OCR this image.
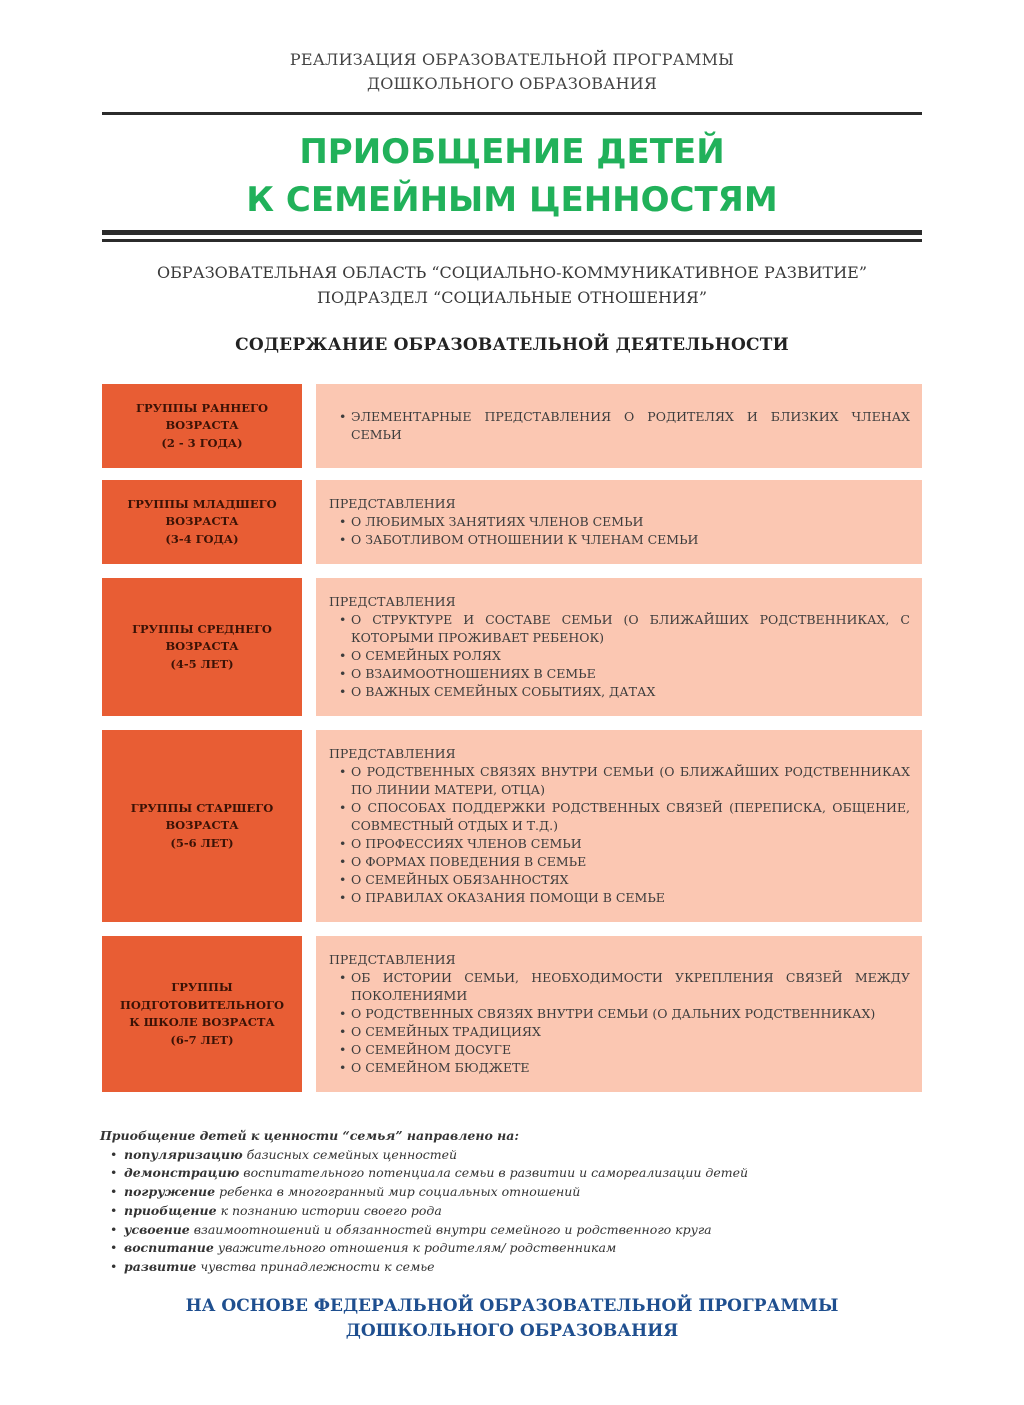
РЕАЛИЗАЦИЯ ОБРАЗОВАТЕЛЬНОЙ ПРОГРАММЫ
ДОШКОЛЬНОГО ОБРАЗОВАНИЯ
ПРИОБЩЕНИЕ ДЕТЕЙ
К СЕМЕЙНЫМ ЦЕННОСТЯМ
ОБРАЗОВАТЕЛЬНАЯ ОБЛАСТЬ “СОЦИАЛЬНО-КОММУНИКАТИВНОЕ РАЗВИТИЕ”
ПОДРАЗДЕЛ “СОЦИАЛЬНЫЕ ОТНОШЕНИЯ”
СОДЕРЖАНИЕ ОБРАЗОВАТЕЛЬНОЙ ДЕЯТЕЛЬНОСТИ
ГРУППЫ РАННЕГО
ВОЗРАСТА
(2 - 3 ГОДА)
• ЭЛЕМЕНТАРНЫЕ ПРЕДСТАВЛЕНИЯ О РОДИТЕЛЯХ И БЛИЗКИХ ЧЛЕНАХ СЕМЬИ
ГРУППЫ МЛАДШЕГО
ВОЗРАСТА
(3-4 ГОДА)
ПРЕДСТАВЛЕНИЯ
• О ЛЮБИМЫХ ЗАНЯТИЯХ ЧЛЕНОВ СЕМЬИ
• О ЗАБОТЛИВОМ ОТНОШЕНИИ К ЧЛЕНАМ СЕМЬИ
ГРУППЫ СРЕДНЕГО
ВОЗРАСТА
(4-5 ЛЕТ)
ПРЕДСТАВЛЕНИЯ
• О СТРУКТУРЕ И СОСТАВЕ СЕМЬИ (О БЛИЖАЙШИХ РОДСТВЕННИКАХ, С КОТОРЫМИ ПРОЖИВАЕТ РЕБЕНОК)
• О СЕМЕЙНЫХ РОЛЯХ
• О ВЗАИМООТНОШЕНИЯХ В СЕМЬЕ
• О ВАЖНЫХ СЕМЕЙНЫХ СОБЫТИЯХ, ДАТАХ
ГРУППЫ СТАРШЕГО
ВОЗРАСТА
(5-6 ЛЕТ)
ПРЕДСТАВЛЕНИЯ
• О РОДСТВЕННЫХ СВЯЗЯХ ВНУТРИ СЕМЬИ (О БЛИЖАЙШИХ РОДСТВЕННИКАХ ПО ЛИНИИ МАТЕРИ, ОТЦА)
• О СПОСОБАХ ПОДДЕРЖКИ РОДСТВЕННЫХ СВЯЗЕЙ (ПЕРЕПИСКА, ОБЩЕНИЕ, СОВМЕСТНЫЙ ОТДЫХ И Т.Д.)
• О ПРОФЕССИЯХ ЧЛЕНОВ СЕМЬИ
• О ФОРМАХ ПОВЕДЕНИЯ В СЕМЬЕ
• О СЕМЕЙНЫХ ОБЯЗАННОСТЯХ
• О ПРАВИЛАХ ОКАЗАНИЯ ПОМОЩИ В СЕМЬЕ
ГРУППЫ
ПОДГОТОВИТЕЛЬНОГО
К ШКОЛЕ ВОЗРАСТА
(6-7 ЛЕТ)
ПРЕДСТАВЛЕНИЯ
• ОБ ИСТОРИИ СЕМЬИ, НЕОБХОДИМОСТИ УКРЕПЛЕНИЯ СВЯЗЕЙ МЕЖДУ ПОКОЛЕНИЯМИ
• О РОДСТВЕННЫХ СВЯЗЯХ ВНУТРИ СЕМЬИ (О ДАЛЬНИХ РОДСТВЕННИКАХ)
• О СЕМЕЙНЫХ ТРАДИЦИЯХ
• О СЕМЕЙНОМ ДОСУГЕ
• О СЕМЕЙНОМ БЮДЖЕТЕ
Приобщение детей к ценности “семья” направлено на:
• популяризацию базисных семейных ценностей
• демонстрацию воспитательного потенциала семьи в развитии и самореализации детей
• погружение ребенка в многогранный мир социальных отношений
• приобщение к познанию истории своего рода
• усвоение взаимоотношений и обязанностей внутри семейного и родственного круга
• воспитание уважительного отношения к родителям/ родственникам
• развитие чувства принадлежности к семье
НА ОСНОВЕ ФЕДЕРАЛЬНОЙ ОБРАЗОВАТЕЛЬНОЙ ПРОГРАММЫ
ДОШКОЛЬНОГО ОБРАЗОВАНИЯ
